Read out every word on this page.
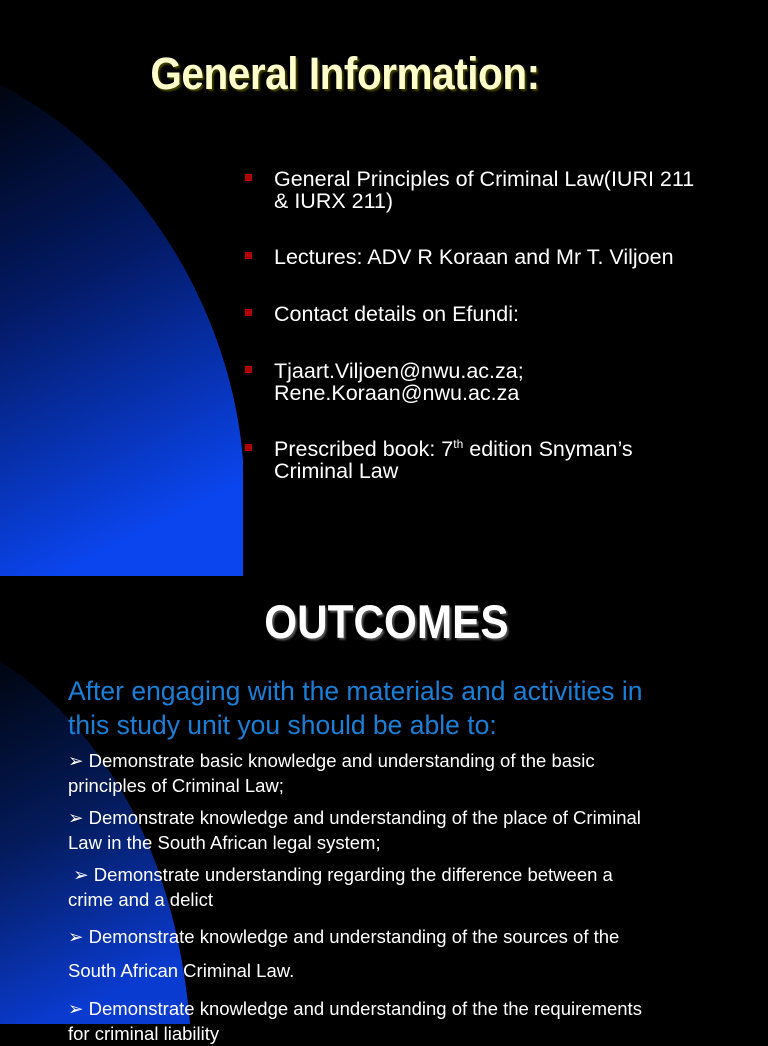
General Information:
General Principles of Criminal Law(IURI 211
& IURX 211)
Lectures: ADV R Koraan and Mr T. Viljoen
Contact details on Efundi:
Tjaart.Viljoen@nwu.ac.za;
Rene.Koraan@nwu.ac.za
Prescribed book: 7th edition Snyman’s
Criminal Law
OUTCOMES
After engaging with the materials and activities in
this study unit you should be able to:
➢ Demonstrate basic knowledge and understanding of the basic
principles of Criminal Law;
➢ Demonstrate knowledge and understanding of the place of Criminal
Law in the South African legal system;
➢ Demonstrate understanding regarding the difference between a
crime and a delict
➢ Demonstrate knowledge and understanding of the sources of the
South African Criminal Law.
➢ Demonstrate knowledge and understanding of the the requirements
for criminal liability
